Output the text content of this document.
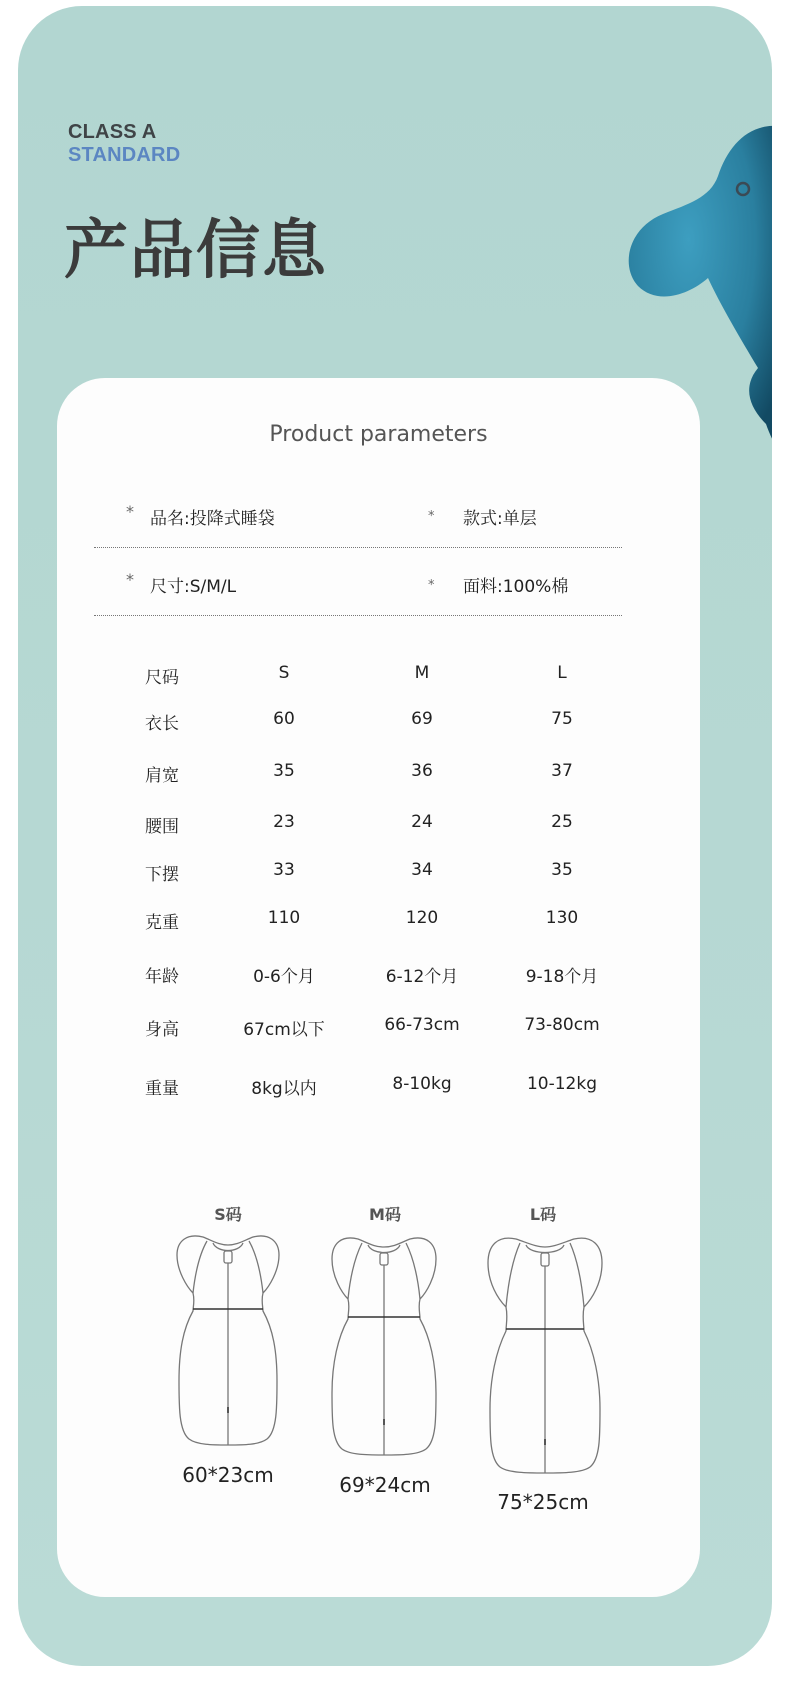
CLASS A
STANDARD
产品信息
Product parameters
* 品名:投降式睡袋	* 款式:单层
* 尺寸:S/M/L	* 面料:100%棉
尺码	S	M	L
衣长	60	69	75
肩宽	35	36	37
腰围	23	24	25
下摆	33	34	35
克重	110	120	130
年龄	0-6个月	6-12个月	9-18个月
身高	67cm以下	66-73cm	73-80cm
重量	8kg以内	8-10kg	10-12kg
S码
60*23cm
M码
69*24cm
L码
75*25cm
